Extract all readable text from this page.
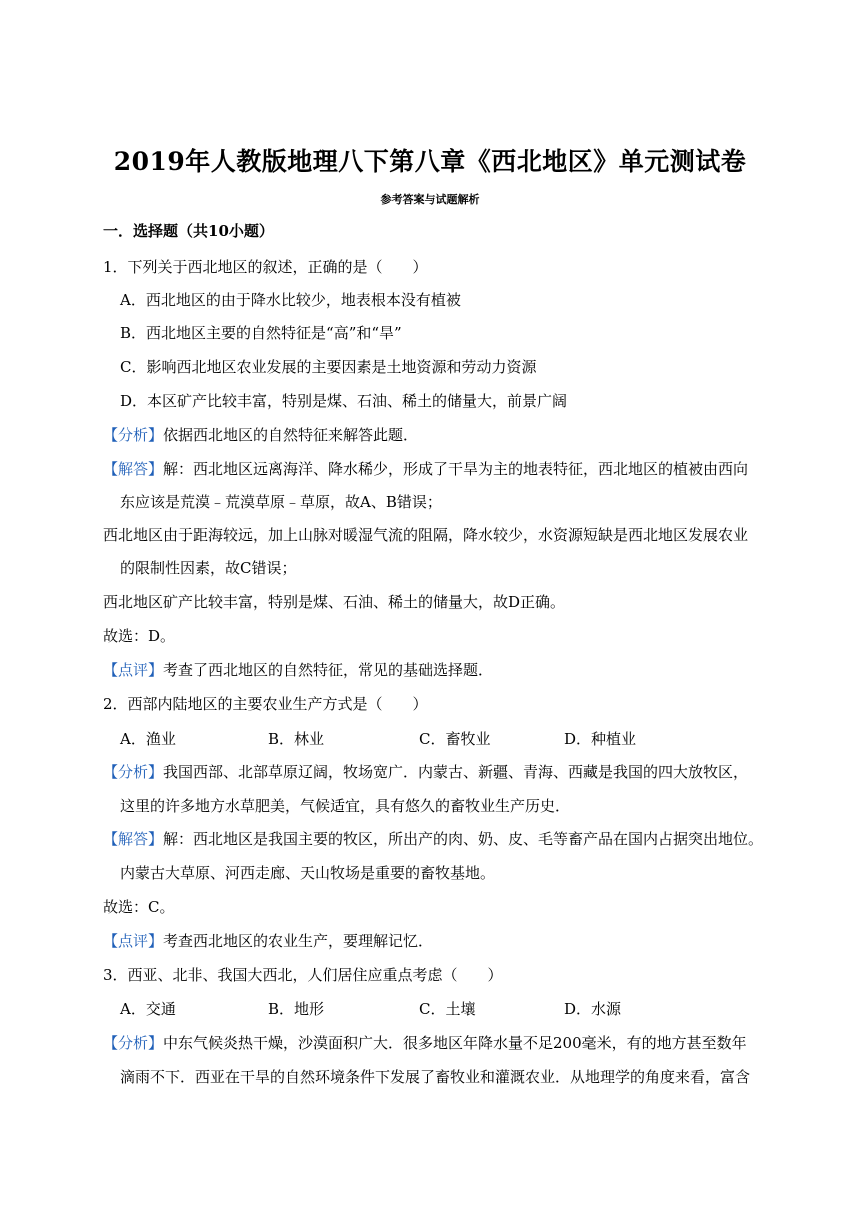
2019年人教版地理八下第八章《西北地区》单元测试卷
参考答案与试题解析
一．选择题（共10小题）
1．下列关于西北地区的叙述，正确的是（　　）
A．西北地区的由于降水比较少，地表根本没有植被
B．西北地区主要的自然特征是“高”和“旱”
C．影响西北地区农业发展的主要因素是土地资源和劳动力资源
D．本区矿产比较丰富，特别是煤、石油、稀土的储量大，前景广阔
【分析】依据西北地区的自然特征来解答此题．
【解答】解：西北地区远离海洋、降水稀少，形成了干旱为主的地表特征，西北地区的植被由西向
东应该是荒漠﹣荒漠草原﹣草原，故A、B错误；
西北地区由于距海较远，加上山脉对暖湿气流的阻隔，降水较少，水资源短缺是西北地区发展农业
的限制性因素，故C错误；
西北地区矿产比较丰富，特别是煤、石油、稀土的储量大，故D正确。
故选：D。
【点评】考查了西北地区的自然特征，常见的基础选择题．
2．西部内陆地区的主要农业生产方式是（　　）
A．渔业	B．林业	C．畜牧业	D．种植业
【分析】我国西部、北部草原辽阔，牧场宽广．内蒙古、新疆、青海、西藏是我国的四大放牧区，
这里的许多地方水草肥美，气候适宜，具有悠久的畜牧业生产历史．
【解答】解：西北地区是我国主要的牧区，所出产的肉、奶、皮、毛等畜产品在国内占据突出地位。
内蒙古大草原、河西走廊、天山牧场是重要的畜牧基地。
故选：C。
【点评】考查西北地区的农业生产，要理解记忆．
3．西亚、北非、我国大西北，人们居住应重点考虑（　　）
A．交通	B．地形	C．土壤	D．水源
【分析】中东气候炎热干燥，沙漠面积广大．很多地区年降水量不足200毫米，有的地方甚至数年
滴雨不下．西亚在干旱的自然环境条件下发展了畜牧业和灌溉农业．从地理学的角度来看，富含
